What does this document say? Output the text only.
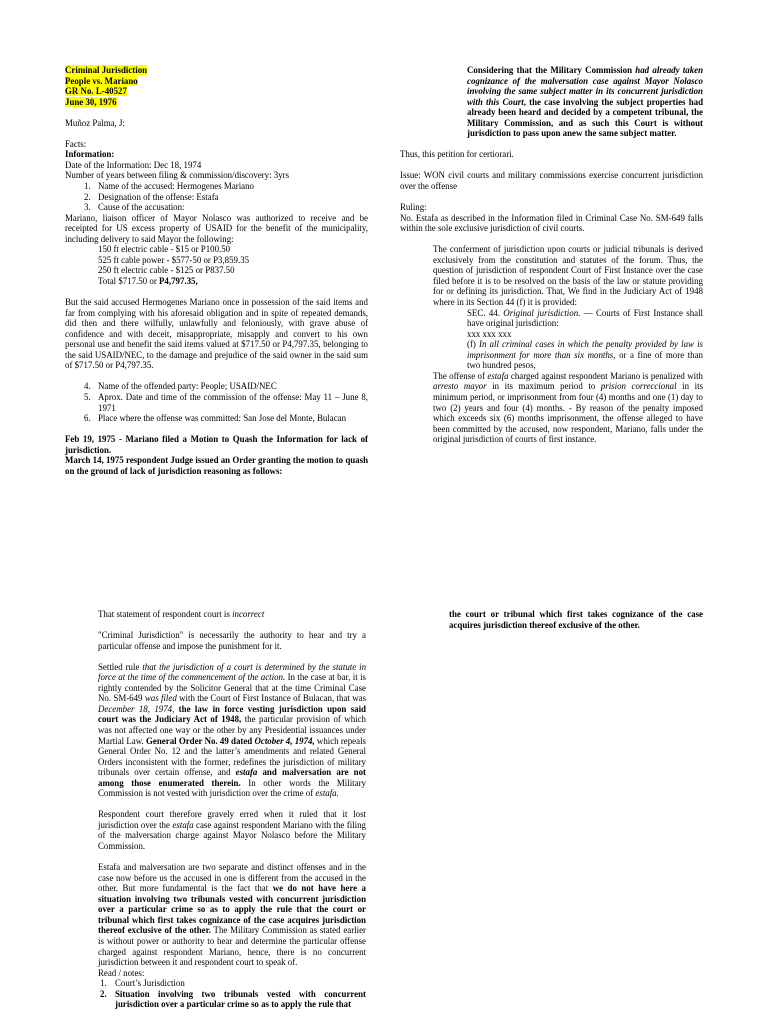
Criminal Jurisdiction
People vs. Mariano
GR No. L-40527
June 30, 1976
Muñoz Palma, J:
Facts:
Information:
Date of the Information: Dec 18, 1974
Number of years between filing & commission/discovery: 3yrs
1. Name of the accused: Hermogenes Mariano
2. Designation of the offense: Estafa
3. Cause of the accusation:
Mariano, liaison officer of Mayor Nolasco was authorized to receive and be receipted for US excess property of USAID for the benefit of the municipality, including delivery to said Mayor the following:
150 ft electric cable - $15 or P100.50
525 ft cable power - $577-50 or P3,859.35
250 ft electric cable - $125 or P837.50
Total $717.50 or P4,797.35,
But the said accused Hermogenes Mariano once in possession of the said items and far from complying with his aforesaid obligation and in spite of repeated demands, did then and there wilfully, unlawfully and feloniously, with grave abuse of confidence and with deceit, misappropriate, misapply and convert to his own personal use and benefit the said items valued at $717.50 or P4,797.35, belonging to the said USAID/NEC, to the damage and prejudice of the said owner in the said sum of $717.50 or P4,797.35.
4. Name of the offended party: People; USAID/NEC
5. Aprox. Date and time of the commission of the offense: May 11 – June 8, 1971
6. Place where the offense was committed: San Jose del Monte, Bulacan
Feb 19, 1975 - Mariano filed a Motion to Quash the Information for lack of jurisdiction.
March 14, 1975 respondent Judge issued an Order granting the motion to quash on the ground of lack of jurisdiction reasoning as follows:
Considering that the Military Commission had already taken cognizance of the malversation case against Mayor Nolasco involving the same subject matter in its concurrent jurisdiction with this Court, the case involving the subject properties had already been heard and decided by a competent tribunal, the Military Commission, and as such this Court is without jurisdiction to pass upon anew the same subject matter.
Thus, this petition for certiorari.
Issue: WON civil courts and military commissions exercise concurrent jurisdiction over the offense
Ruling:
No. Estafa as described in the Information filed in Criminal Case No. SM-649 falls within the sole exclusive jurisdiction of civil courts.
The conferment of jurisdiction upon courts or judicial tribunals is derived exclusively from the constitution and statutes of the forum. Thus, the question of jurisdiction of respondent Court of First Instance over the case filed before it is to be resolved on the basis of the law or statute providing for or defining its jurisdiction. That, We find in the Judiciary Act of 1948 where in its Section 44 (f) it is provided:
SEC. 44. Original jurisdiction. — Courts of First Instance shall have original jurisdiction:
xxx xxx xxx
(f) In all criminal cases in which the penalty provided by law is imprisonment for more than six months, or a fine of more than two hundred pesos,
The offense of estafa charged against respondent Mariano is penalized with arresto mayor in its maximum period to prision correccional in its minimum period, or imprisonment from four (4) months and one (1) day to two (2) years and four (4) months. - By reason of the penalty imposed which exceeds six (6) months imprisonment, the offense alleged to have been committed by the accused, now respondent, Mariano, falls under the original jurisdiction of courts of first instance.
That statement of respondent court is incorrect
"Criminal Jurisdiction" is necessarily the authority to hear and try a particular offense and impose the punishment for it.
Settled rule that the jurisdiction of a court is determined by the statute in force at the time of the commencement of the action. In the case at bar, it is rightly contended by the Solicitor General that at the time Criminal Case No. SM-649 was filed with the Court of First Instance of Bulacan, that was December 18, 1974, the law in force vesting jurisdiction upon said court was the Judiciary Act of 1948, the particular provision of which was not affected one way or the other by any Presidential issuances under Martial Law. General Order No. 49 dated October 4, 1974, which repeals General Order No. 12 and the latter’s amendments and related General Orders inconsistent with the former, redefines the jurisdiction of military tribunals over certain offense, and estafa and malversation are not among those enumerated therein. In other words the Military Commission is not vested with jurisdiction over the crime of estafa.
Respondent court therefore gravely erred when it ruled that it lost jurisdiction over the estafa case against respondent Mariano with the filing of the malversation charge against Mayor Nolasco before the Military Commission.
Estafa and malversation are two separate and distinct offenses and in the case now before us the accused in one is different from the accused in the other. But more fundamental is the fact that we do not have here a situation involving two tribunals vested with concurrent jurisdiction over a particular crime so as to apply the rule that the court or tribunal which first takes cognizance of the case acquires jurisdiction thereof exclusive of the other. The Military Commission as stated earlier is without power or authority to hear and determine the particular offense charged against respondent Mariano, hence, there is no concurrent jurisdiction between it and respondent court to speak of.
Read / notes:
1. Court’s Jurisdiction
2. Situation involving two tribunals vested with concurrent jurisdiction over a particular crime so as to apply the rule that
the court or tribunal which first takes cognizance of the case acquires jurisdiction thereof exclusive of the other.
